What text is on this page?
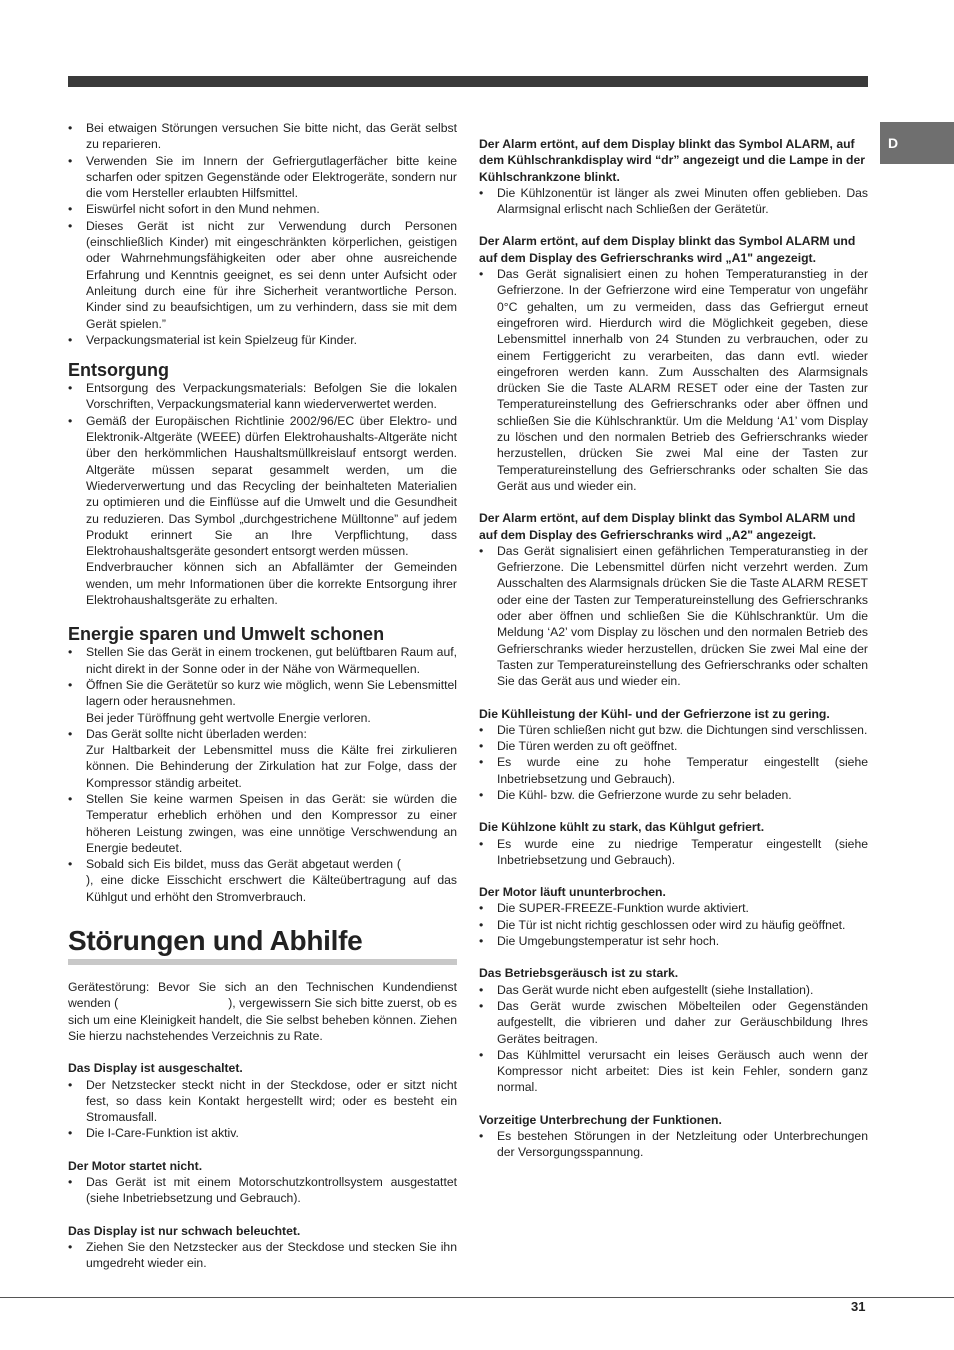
D
• Bei etwaigen Störungen versuchen Sie bitte nicht, das Gerät selbst zu reparieren.
• Verwenden Sie im Innern der Gefriergutlagerfächer bitte keine scharfen oder spitzen Gegenstände oder Elektrogeräte, sondern nur die vom Hersteller erlaubten Hilfsmittel.
• Eiswürfel nicht sofort in den Mund nehmen.
• Dieses Gerät ist nicht zur Verwendung durch Personen (einschließlich Kinder) mit eingeschränkten körperlichen, geistigen oder Wahrnehmungsfähigkeiten oder aber ohne ausreichende Erfahrung und Kenntnis geeignet, es sei denn unter Aufsicht oder Anleitung durch eine für ihre Sicherheit verantwortliche Person. Kinder sind zu beaufsichtigen, um zu verhindern, dass sie mit dem Gerät spielen.”
• Verpackungsmaterial ist kein Spielzeug für Kinder.
Entsorgung
• Entsorgung des Verpackungsmaterials: Befolgen Sie die lokalen Vorschriften, Verpackungsmaterial kann wiederverwertet werden.
• Gemäß der Europäischen Richtlinie 2002/96/EC über Elektro- und Elektronik-Altgeräte (WEEE) dürfen Elektrohaushalts-Altgeräte nicht über den herkömmlichen Haushaltsmüllkreislauf entsorgt werden. Altgeräte müssen separat gesammelt werden, um die Wiederverwertung und das Recycling der beinhalteten Materialien zu optimieren und die Einflüsse auf die Umwelt und die Gesundheit zu reduzieren. Das Symbol „durchgestrichene Mülltonne” auf jedem Produkt erinnert Sie an Ihre Verpflichtung, dass Elektrohaushaltsgeräte gesondert entsorgt werden müssen.

Endverbraucher können sich an Abfallämter der Gemeinden wenden, um mehr Informationen über die korrekte Entsorgung ihrer Elektrohaushaltsgeräte zu erhalten.

Energie sparen und Umwelt schonen
• Stellen Sie das Gerät in einem trockenen, gut belüftbaren Raum auf, nicht direkt in der Sonne oder in der Nähe von Wärmequellen.
• Öffnen Sie die Gerätetür so kurz wie möglich, wenn Sie Lebensmittel lagern oder herausnehmen.
Bei jeder Türöffnung geht wertvolle Energie verloren.
• Das Gerät sollte nicht überladen werden:
Zur Haltbarkeit der Lebensmittel muss die Kälte frei zirkulieren können. Die Behinderung der Zirkulation hat zur Folge, dass der Kompressor ständig arbeitet.
• Stellen Sie keine warmen Speisen in das Gerät: sie würden die Temperatur erheblich erhöhen und den Kompressor zu einer höheren Leistung zwingen, was eine unnötige Verschwendung an Energie bedeutet.
• Sobald sich Eis bildet, muss das Gerät abgetaut werden (), eine dicke Eisschicht erschwert die Kälteübertragung auf das Kühlgut und erhöht den Stromverbrauch.
Störungen und Abhilfe

Gerätestörung: Bevor Sie sich an den Technischen Kundendienst wenden (	), vergewissern Sie sich bitte zuerst, ob es sich um eine Kleinigkeit handelt, die Sie selbst beheben können. Ziehen Sie hierzu nachstehendes Verzeichnis zu Rate.

Das Display ist ausgeschaltet.

• Der Netzstecker steckt nicht in der Steckdose, oder er sitzt nicht fest, so dass kein Kontakt hergestellt wird; oder es besteht ein Stromausfall.
• Die I-Care-Funktion ist aktiv.

Der Motor startet nicht.

• Das Gerät ist mit einem Motorschutzkontrollsystem ausgestattet (siehe Inbetriebsetzung und Gebrauch).

Das Display ist nur schwach beleuchtet.

• Ziehen Sie den Netzstecker aus der Steckdose und stecken Sie ihn umgedreht wieder ein.

Der Alarm ertönt, auf dem Display blinkt das Symbol ALARM, auf dem Kühlschrankdisplay wird “dr” angezeigt und die Lampe in der Kühlschrankzone blinkt.

• Die Kühlzonentür ist länger als zwei Minuten offen geblieben. Das Alarmsignal erlischt nach Schließen der Gerätetür.

Der Alarm ertönt, auf dem Display blinkt das Symbol ALARM und auf dem Display des Gefrierschranks wird „A1" angezeigt.

• Das Gerät signalisiert einen zu hohen Temperaturanstieg in der Gefrierzone. In der Gefrierzone wird eine Temperatur von ungefähr 0°C gehalten, um zu vermeiden, dass das Gefriergut erneut eingefroren wird. Hierdurch wird die Möglichkeit gegeben, diese Lebensmittel innerhalb von 24 Stunden zu verbrauchen, oder zu einem Fertiggericht zu verarbeiten, das dann evtl. wieder eingefroren werden kann. Zum Ausschalten des Alarmsignals drücken Sie die Taste ALARM RESET oder eine der Tasten zur Temperatureinstellung des Gefrierschranks oder aber öffnen und schließen Sie die Kühlschranktür. Um die Meldung ‘A1’ vom Display zu löschen und den normalen Betrieb des Gefrierschranks wieder herzustellen, drücken Sie zwei Mal eine der Tasten zur Temperatureinstellung des Gefrierschranks oder schalten Sie das Gerät aus und wieder ein.

Der Alarm ertönt, auf dem Display blinkt das Symbol ALARM und auf dem Display des Gefrierschranks wird „A2" angezeigt.

• Das Gerät signalisiert einen gefährlichen Temperaturanstieg in der Gefrierzone. Die Lebensmittel dürfen nicht verzehrt werden. Zum Ausschalten des Alarmsignals drücken Sie die Taste ALARM RESET oder eine der Tasten zur Temperatureinstellung des Gefrierschranks oder aber öffnen und schließen Sie die Kühlschranktür. Um die Meldung ‘A2’ vom Display zu löschen und den normalen Betrieb des Gefrierschranks wieder herzustellen, drücken Sie zwei Mal eine der Tasten zur Temperatureinstellung des Gefrierschranks oder schalten Sie das Gerät aus und wieder ein.

Die Kühlleistung der Kühl- und der Gefrierzone ist zu gering.

• Die Türen schließen nicht gut bzw. die Dichtungen sind verschlissen.
• Die Türen werden zu oft geöffnet.
• Es wurde eine zu hohe Temperatur eingestellt (siehe Inbetriebsetzung und Gebrauch).
• Die Kühl- bzw. die Gefrierzone wurde zu sehr beladen.

Die Kühlzone kühlt zu stark, das Kühlgut gefriert.

• Es wurde eine zu niedrige Temperatur eingestellt (siehe Inbetriebsetzung und Gebrauch).

Der Motor läuft ununterbrochen.

• Die SUPER-FREEZE-Funktion wurde aktiviert.
• Die Tür ist nicht richtig geschlossen oder wird zu häufig geöffnet.
• Die Umgebungstemperatur ist sehr hoch.

Das Betriebsgeräusch ist zu stark.

• Das Gerät wurde nicht eben aufgestellt (siehe Installation).
• Das Gerät wurde zwischen Möbelteilen oder Gegenständen aufgestellt, die vibrieren und daher zur Geräuschbildung Ihres Gerätes beitragen.
• Das Kühlmittel verursacht ein leises Geräusch auch wenn der Kompressor nicht arbeitet: Dies ist kein Fehler, sondern ganz normal.

Vorzeitige Unterbrechung der Funktionen.

• Es bestehen Störungen in der Netzleitung oder Unterbrechungen der Versorgungsspannung.
31
